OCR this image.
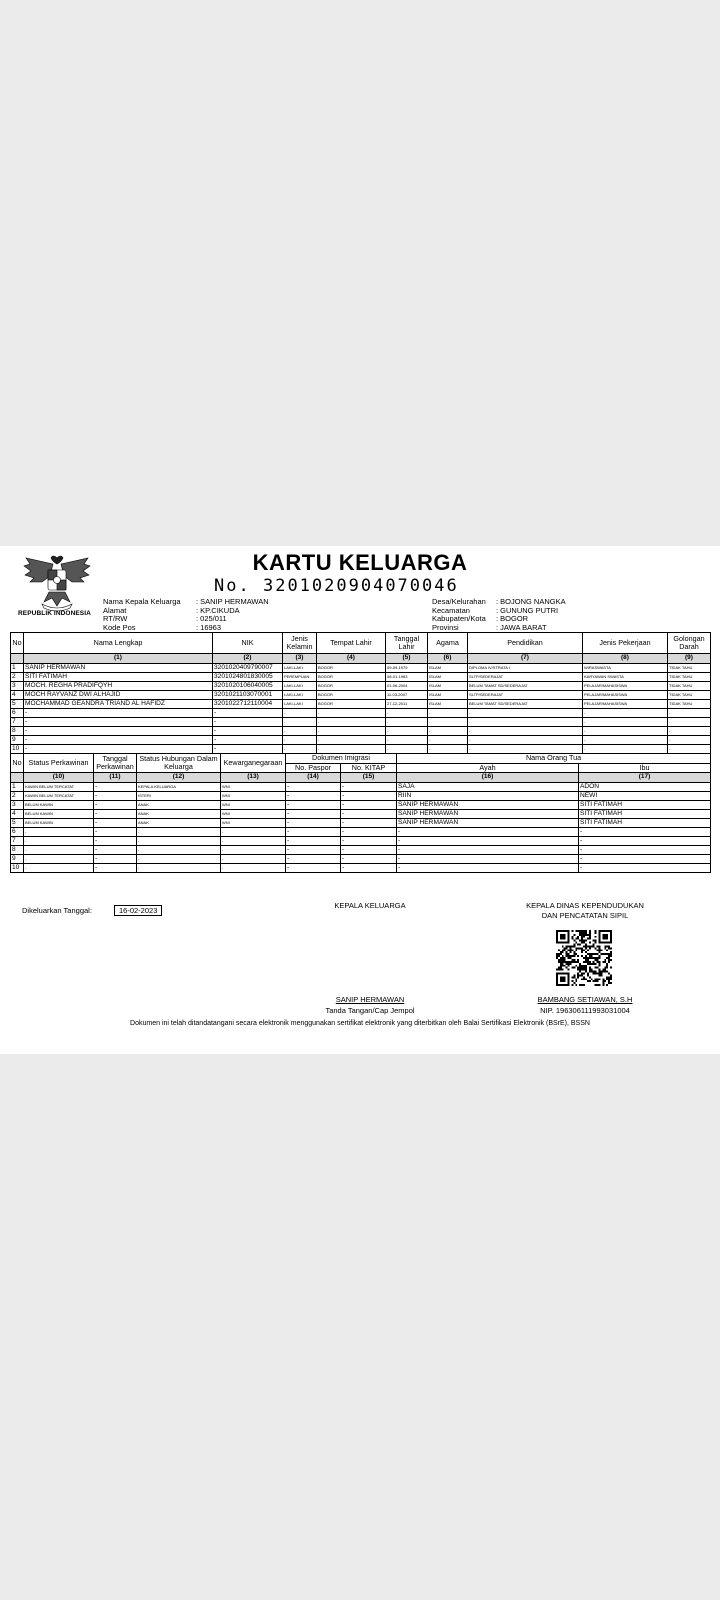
REPUBLIK INDONESIA
KARTU KELUARGA
No. 3201020904070046
Nama Kepala Keluarga	: SANIP HERMAWAN
Alamat	: KP.CIKUDA
RT/RW	: 025/011
Kode Pos	: 16963
Desa/Kelurahan	: BOJONG NANGKA
Kecamatan	: GUNUNG PUTRI
Kabupaten/Kota	: BOGOR
Provinsi	: JAWA BARAT
No	Nama Lengkap	NIK	Jenis Kelamin	Tempat Lahir	Tanggal Lahir	Agama	Pendidikan	Jenis Pekerjaan	Golongan Darah
	(1)	(2)	(3)	(4)	(5)	(6)	(7)	(8)	(9)
1	SANIP HERMAWAN	3201020409790007	LAKI-LAKI	BOGOR	09-09-1979	ISLAM	DIPLOMA IV/STRATA I	WIRASWASTA	TIDAK TAHU
2	SITI FATIMAH	3201024801830005	PEREMPUAN	BOGOR	08-01-1983	ISLAM	SLTP/SEDERAJAT	KARYAWAN SWASTA	TIDAK TAHU
3	MOCH. REGHA PRADIFQYH	3201020106040005	LAKI-LAKI	BOGOR	01-06-2004	ISLAM	BELUM TAMAT SD/SEDERAJAT	PELAJAR/MAHASISWA	TIDAK TAHU
4	MOCH RAYVANZ DWI ALHAJID	3201021103070001	LAKI-LAKI	BOGOR	11-03-2007	ISLAM	SLTP/SEDERAJAT	PELAJAR/MAHASISWA	TIDAK TAHU
5	MOCHAMMAD GEANDRA TRIAND AL HAFIDZ	3201022712110004	LAKI-LAKI	BOGOR	27-12-2011	ISLAM	BELUM TAMAT SD/SEDERAJAT	PELAJAR/MAHASISWA	TIDAK TAHU
6	-	-	-	-	-	-	-	-	-
7	-	-	-	-	-	-	-	-	-
8	-	-	-	-	-	-	-	-	-
9	-	-	-	-	-	-	-	-	-
10	-	-	-	-	-	-	-	-	-
No	Status Perkawinan	Tanggal Perkawinan	Status Hubungan Dalam Keluarga	Kewarganegaraan	Dokumen Imigrasi		Nama Orang Tua	
					No. Paspor	No. KITAP	Ayah	Ibu
	(10)	(11)	(12)	(13)	(14)	(15)	(16)	(17)
1	KAWIN BELUM TERCATAT	-	KEPALA KELUARGA	WNI	-	-	SAJA	ADON
2	KAWIN BELUM TERCATAT	-	ISTERI	WNI	-	-	RIIN	NEWI
3	BELUM KAWIN	-	ANAK	WNI	-	-	SANIP HERMAWAN	SITI FATIMAH
4	BELUM KAWIN	-	ANAK	WNI	-	-	SANIP HERMAWAN	SITI FATIMAH
5	BELUM KAWIN	-	ANAK	WNI	-	-	SANIP HERMAWAN	SITI FATIMAH
6	-	-	-	-	-	-	-	-
7	-	-	-	-	-	-	-	-
8	-	-	-	-	-	-	-	-
9	-	-	-	-	-	-	-	-
10	-	-	-	-	-	-	-	-
Dikeluarkan Tanggal:	16-02-2023
KEPALA KELUARGA	KEPALA DINAS KEPENDUDUKAN
DAN PENCATATAN SIPIL
SANIP HERMAWAN
Tanda Tangan/Cap Jempol
BAMBANG SETIAWAN, S.H
NIP. 196306111993031004
Dokumen ini telah ditandatangani secara elektronik menggunakan sertifikat elektronik yang diterbitkan oleh Balai Sertifikasi Elektronik (BSrE), BSSN
